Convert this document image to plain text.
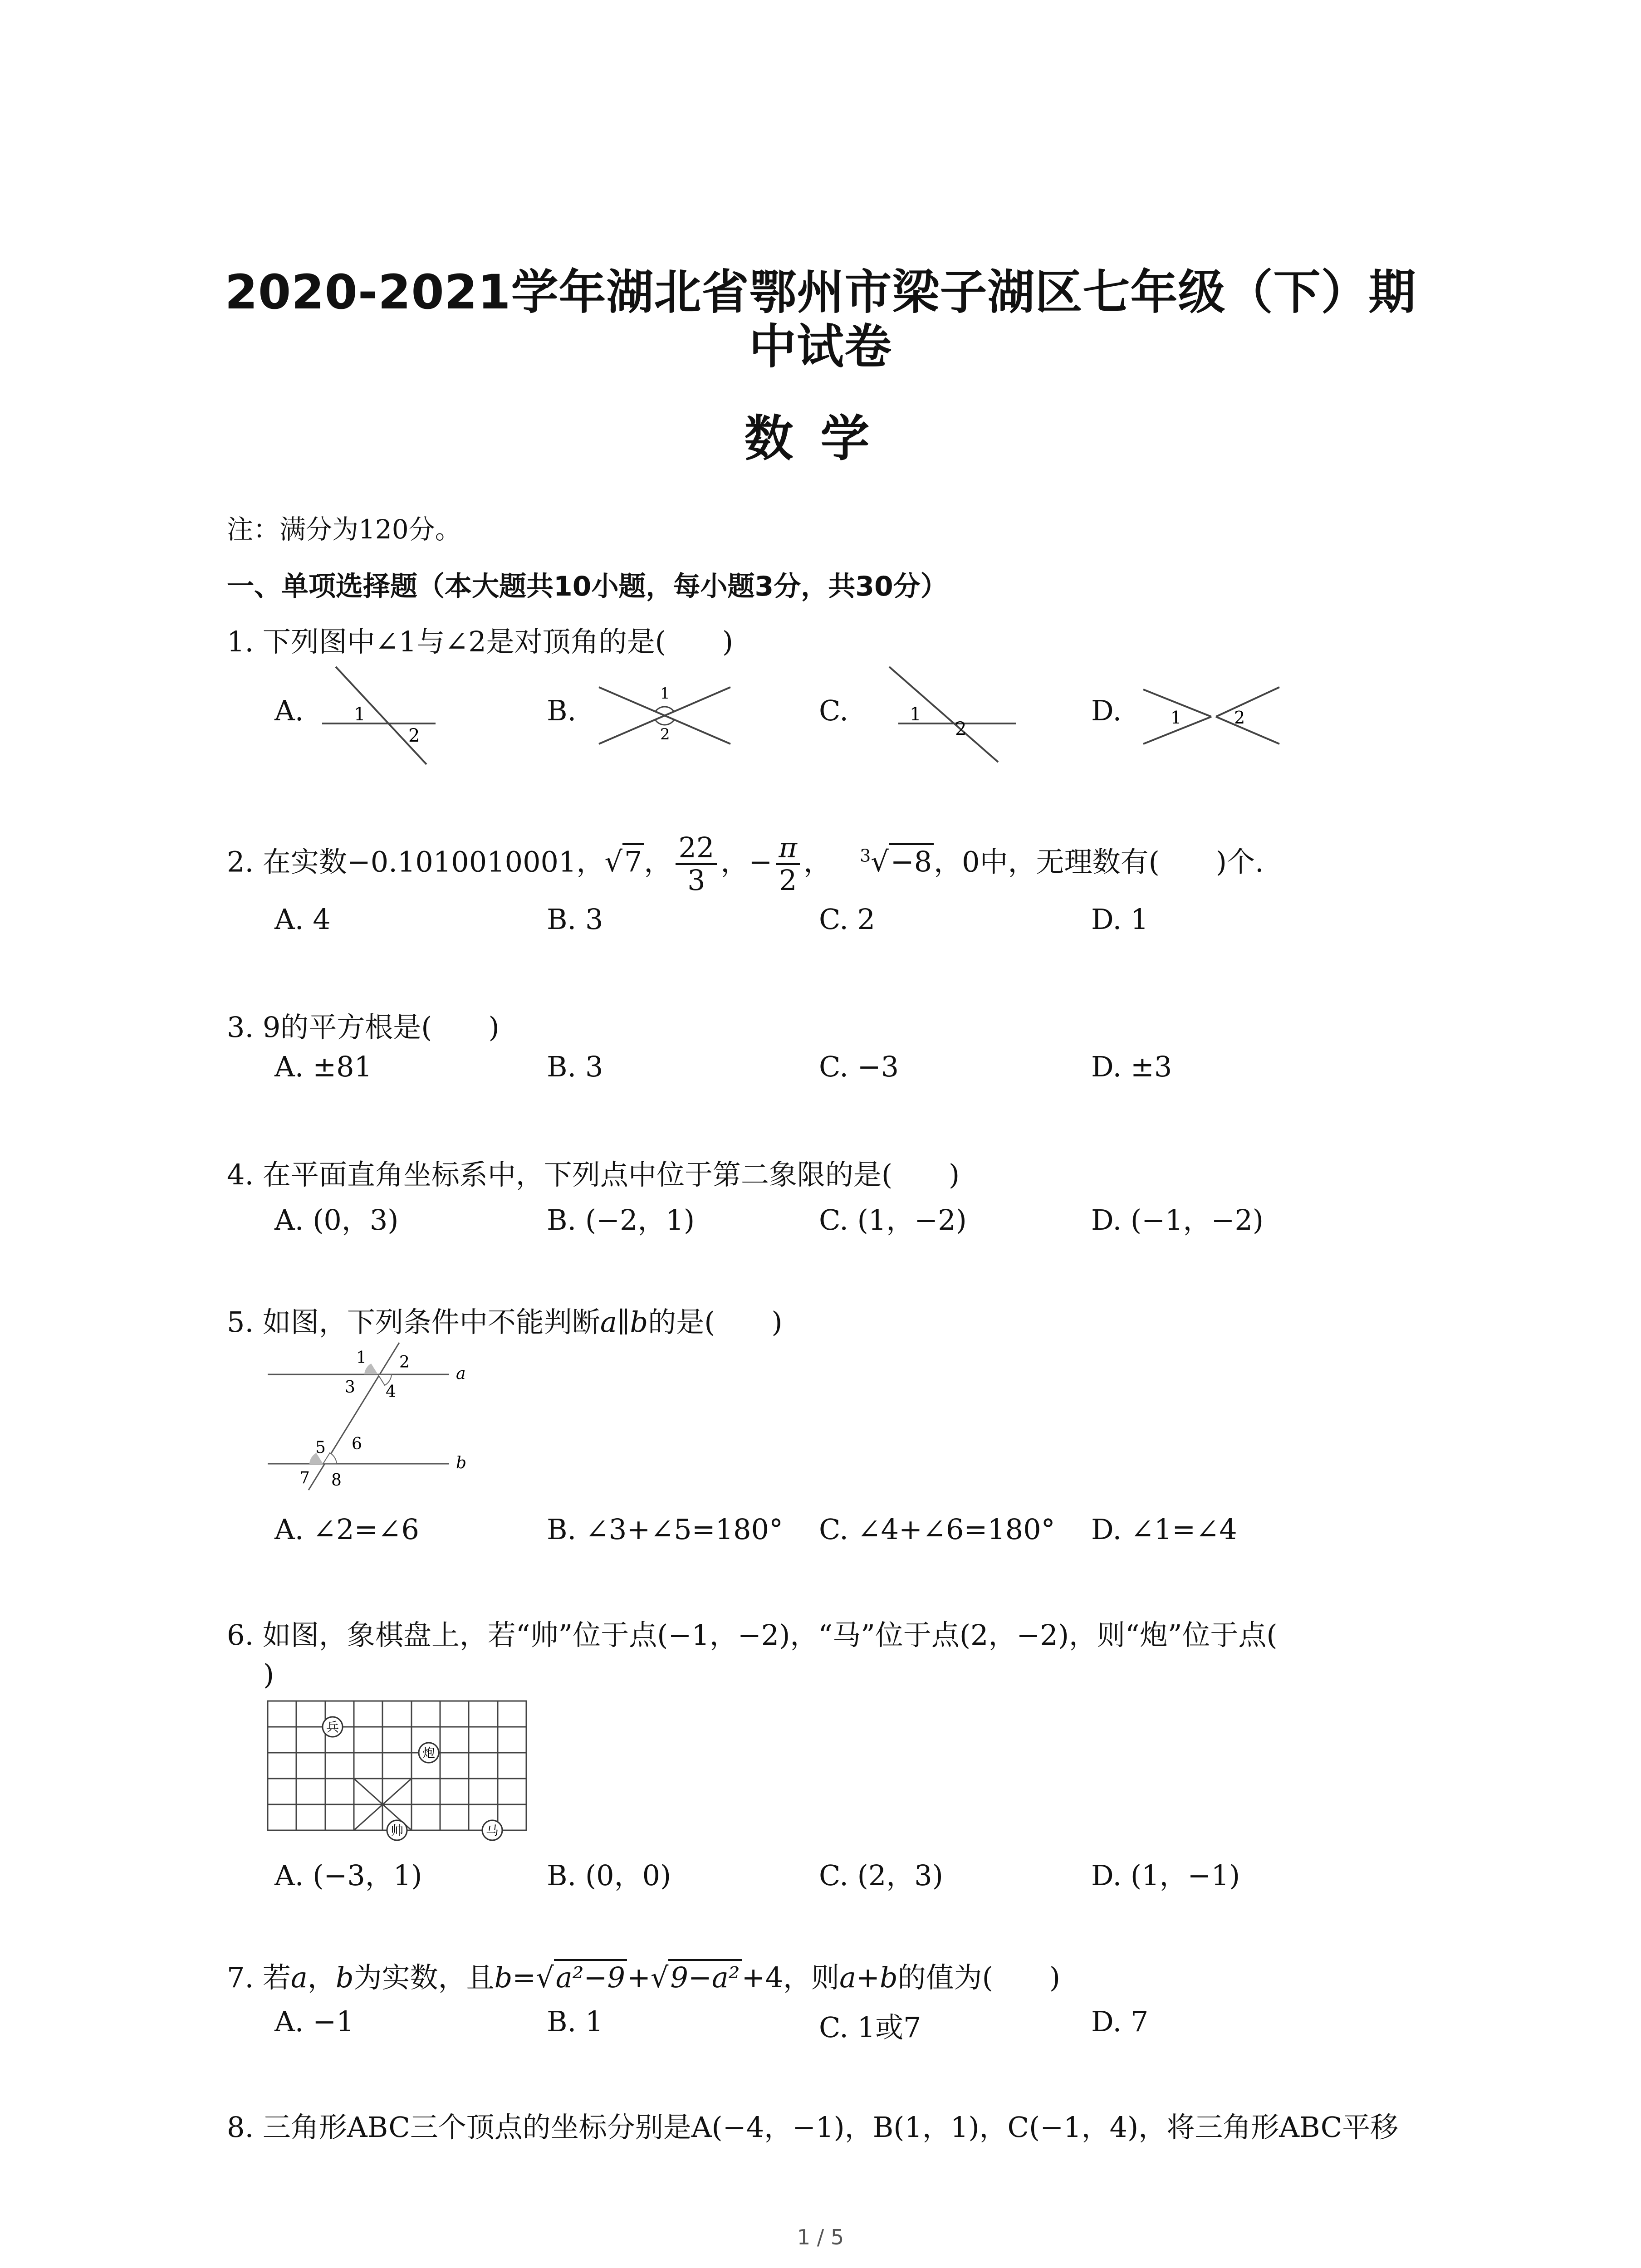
2020-2021学年湖北省鄂州市梁子湖区七年级（下）期
中试卷
数学
注：满分为120分。
一、单项选择题（本大题共10小题，每小题3分，共30分）
1. 下列图中∠1与∠2是对顶角的是(　　)
A.	B.	C.	D.
1
2
1
2
1
2
1	2
2. 在实数−0.1010010001，√7， $\frac{22}{3}$ ，− $\frac{\pi}{2}$ ， $^3$√−8，0中，无理数有(　　)个.
A. 4	B. 3	C. 2	D. 1
3. 9的平方根是(　　)
A. ±81	B. 3	C. −3	D. ±3
4. 在平面直角坐标系中，下列点中位于第二象限的是(　　)
A. (0，3)	B. (−2，1)	C. (1，−2)	D. (−1，−2)
5. 如图，下列条件中不能判断a∥b的是(　　)
1 2
3 4
5 6
7 8
a
b
A. ∠2=∠6	B. ∠3+∠5=180° C. ∠4+∠6=180° D. ∠1=∠4
6. 如图，象棋盘上，若“帅”位于点(−1，−2)，“马”位于点(2，−2)，则“炮”位于点(
)
兵
炮
帅	马
A. (−3，1)	B. (0，0)	C. (2，3)	D. (1，−1)
7. 若a，b为实数，且b=√a²−9+√9−a²+4，则a+b的值为(　　)
A. −1	B. 1	C. 1或7	D. 7
8. 三角形ABC三个顶点的坐标分别是A(−4，−1)，B(1，1)，C(−1，4)，将三角形ABC平移
1 / 5
